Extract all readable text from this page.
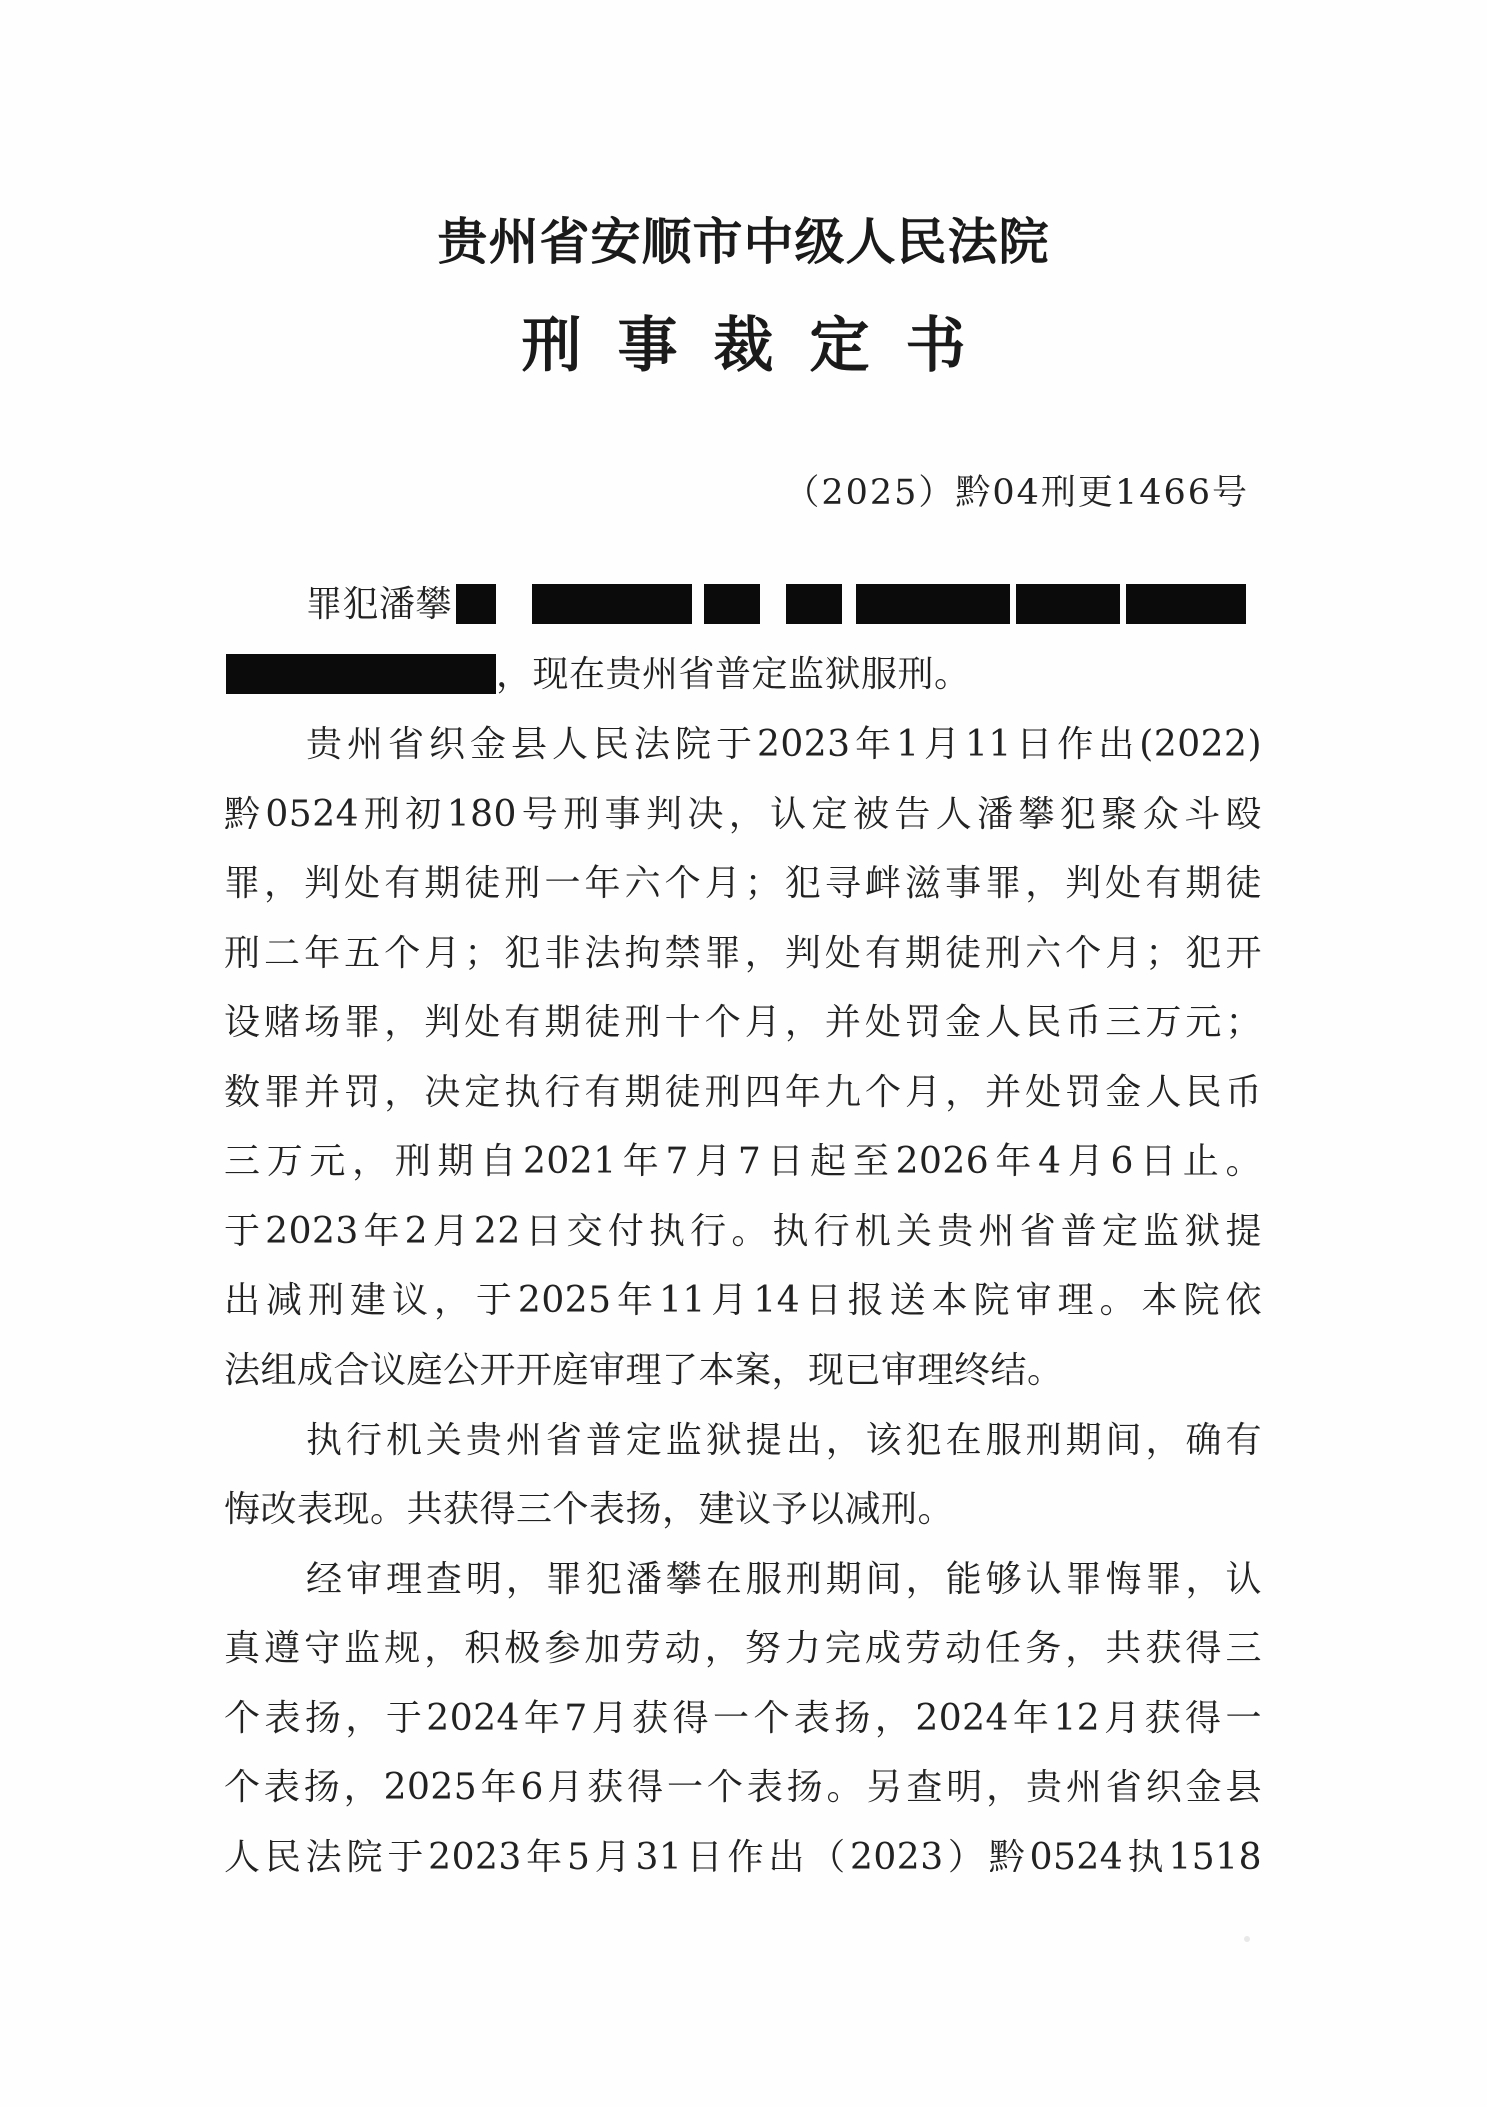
贵州省安顺市中级人民法院
刑事裁定书
（2025）黔04刑更1466号
罪犯潘攀
，现在贵州省普定监狱服刑。
贵州省织金县人民法院于2023年1月11日作出(2022)
黔0524刑初180号刑事判决，认定被告人潘攀犯聚众斗殴
罪，判处有期徒刑一年六个月；犯寻衅滋事罪，判处有期徒
刑二年五个月；犯非法拘禁罪，判处有期徒刑六个月；犯开
设赌场罪，判处有期徒刑十个月，并处罚金人民币三万元；
数罪并罚，决定执行有期徒刑四年九个月，并处罚金人民币
三万元，刑期自2021年7月7日起至2026年4月6日止。
于2023年2月22日交付执行。执行机关贵州省普定监狱提
出减刑建议，于2025年11月14日报送本院审理。本院依
法组成合议庭公开开庭审理了本案，现已审理终结。
执行机关贵州省普定监狱提出，该犯在服刑期间，确有
悔改表现。共获得三个表扬，建议予以减刑。
经审理查明，罪犯潘攀在服刑期间，能够认罪悔罪，认
真遵守监规，积极参加劳动，努力完成劳动任务，共获得三
个表扬，于2024年7月获得一个表扬，2024年12月获得一
个表扬，2025年6月获得一个表扬。另查明，贵州省织金县
人民法院于2023年5月31日作出（2023）黔0524执1518
